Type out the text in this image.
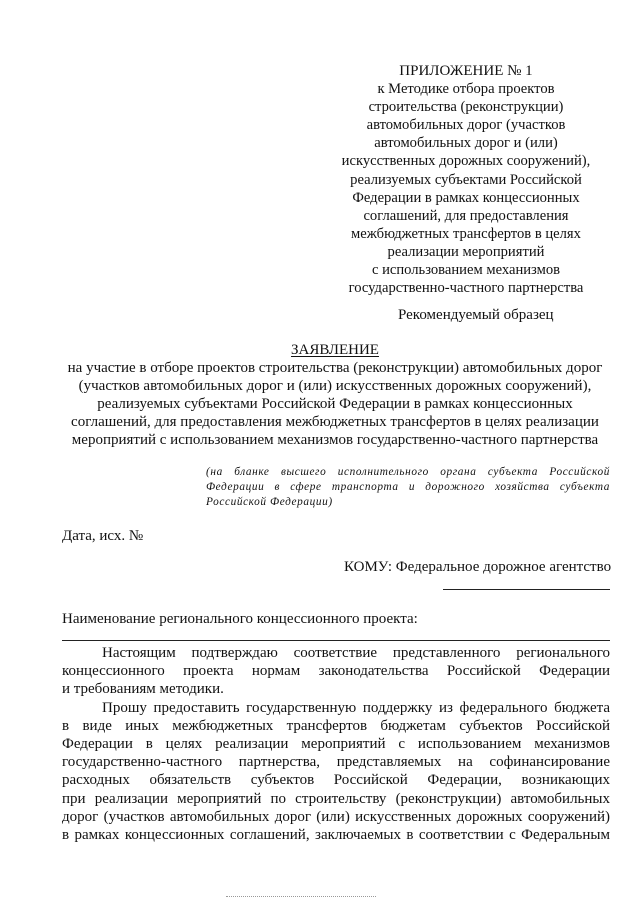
ПРИЛОЖЕНИЕ № 1
к Методике отбора проектов
строительства (реконструкции)
автомобильных дорог (участков
автомобильных дорог и (или)
искусственных дорожных сооружений),
реализуемых субъектами Российской
Федерации в рамках концессионных
соглашений, для предоставления
межбюджетных трансфертов в целях
реализации мероприятий
с использованием механизмов
государственно-частного партнерства
Рекомендуемый образец
ЗАЯВЛЕНИЕ
на участие в отборе проектов строительства (реконструкции) автомобильных дорог
(участков автомобильных дорог и (или) искусственных дорожных сооружений),
реализуемых субъектами Российской Федерации в рамках концессионных
соглашений, для предоставления межбюджетных трансфертов в целях реализации
мероприятий с использованием механизмов государственно-частного партнерства
(на бланке высшего исполнительного органа субъекта Российской
Федерации в сфере транспорта и дорожного хозяйства субъекта
Российской Федерации)
Дата, исх. №
КОМУ: Федеральное дорожное агентство
Наименование регионального концессионного проекта:
Настоящим подтверждаю соответствие представленного регионального
концессионного проекта нормам законодательства Российской Федерации
и требованиям методики.
Прошу предоставить государственную поддержку из федерального бюджета
в виде иных межбюджетных трансфертов бюджетам субъектов Российской
Федерации в целях реализации мероприятий с использованием механизмов
государственно-частного партнерства, представляемых на софинансирование
расходных обязательств субъектов Российской Федерации, возникающих
при реализации мероприятий по строительству (реконструкции) автомобильных
дорог (участков автомобильных дорог (или) искусственных дорожных сооружений)
в рамках концессионных соглашений, заключаемых в соответствии с Федеральным
